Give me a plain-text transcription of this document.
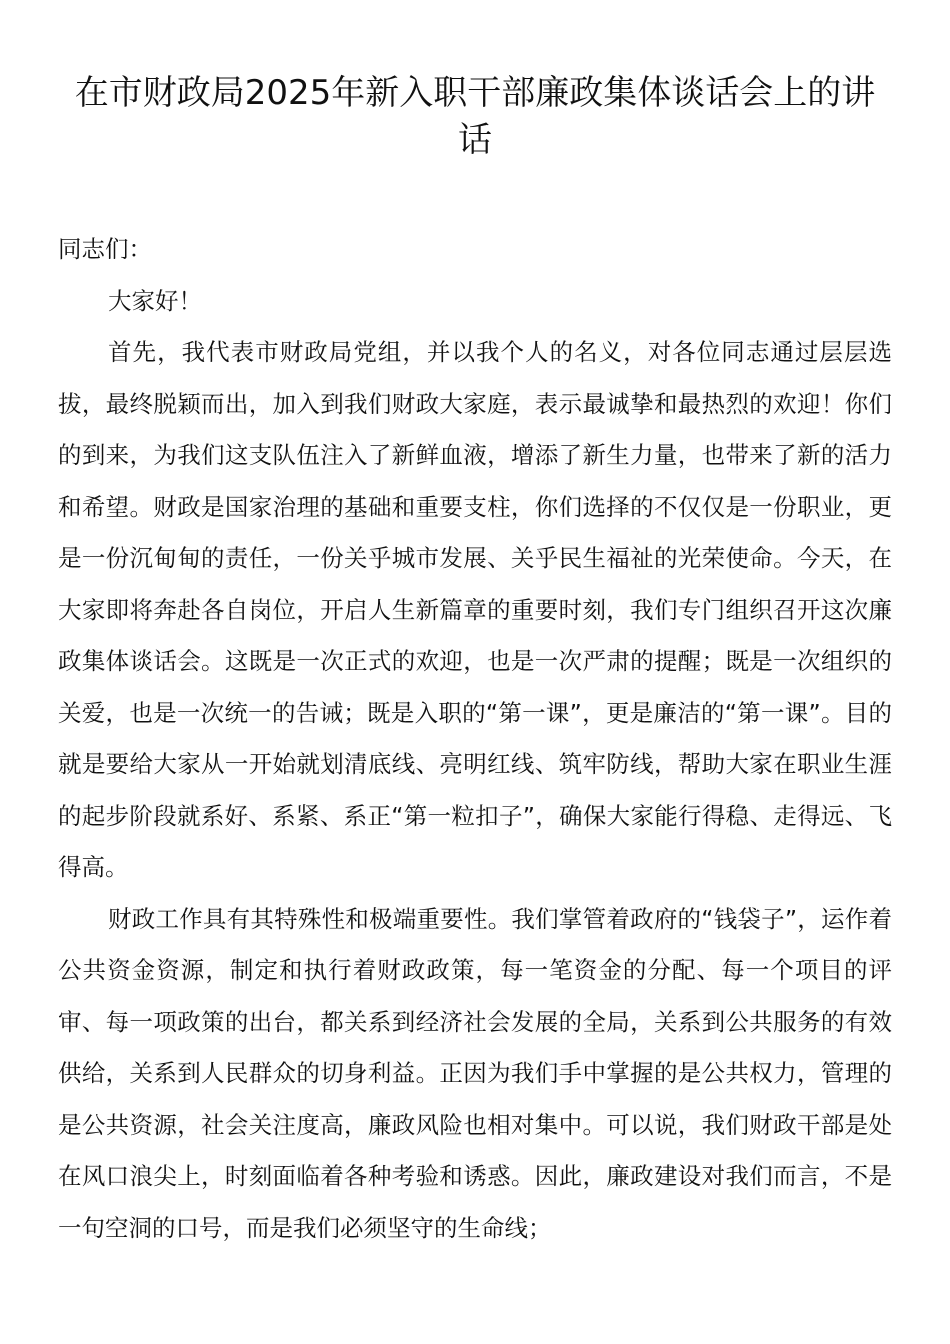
在市财政局2025年新入职干部廉政集体谈话会上的讲话

同志们：

大家好！

首先，我代表市财政局党组，并以我个人的名义，对各位同志通过层层选拔，最终脱颖而出，加入到我们财政大家庭，表示最诚挚和最热烈的欢迎！你们的到来，为我们这支队伍注入了新鲜血液，增添了新生力量，也带来了新的活力和希望。财政是国家治理的基础和重要支柱，你们选择的不仅仅是一份职业，更是一份沉甸甸的责任，一份关乎城市发展、关乎民生福祉的光荣使命。今天，在大家即将奔赴各自岗位，开启人生新篇章的重要时刻，我们专门组织召开这次廉政集体谈话会。这既是一次正式的欢迎，也是一次严肃的提醒；既是一次组织的关爱，也是一次统一的告诫；既是入职的“第一课”，更是廉洁的“第一课”。目的就是要给大家从一开始就划清底线、亮明红线、筑牢防线，帮助大家在职业生涯的起步阶段就系好、系紧、系正“第一粒扣子”，确保大家能行得稳、走得远、飞得高。

财政工作具有其特殊性和极端重要性。我们掌管着政府的“钱袋子”，运作着公共资金资源，制定和执行着财政政策，每一笔资金的分配、每一个项目的评审、每一项政策的出台，都关系到经济社会发展的全局，关系到公共服务的有效供给，关系到人民群众的切身利益。正因为我们手中掌握的是公共权力，管理的是公共资源，社会关注度高，廉政风险也相对集中。可以说，我们财政干部是处在风口浪尖上，时刻面临着各种考验和诱惑。因此，廉政建设对我们而言，不是一句空洞的口号，而是我们必须坚守的生命线；
